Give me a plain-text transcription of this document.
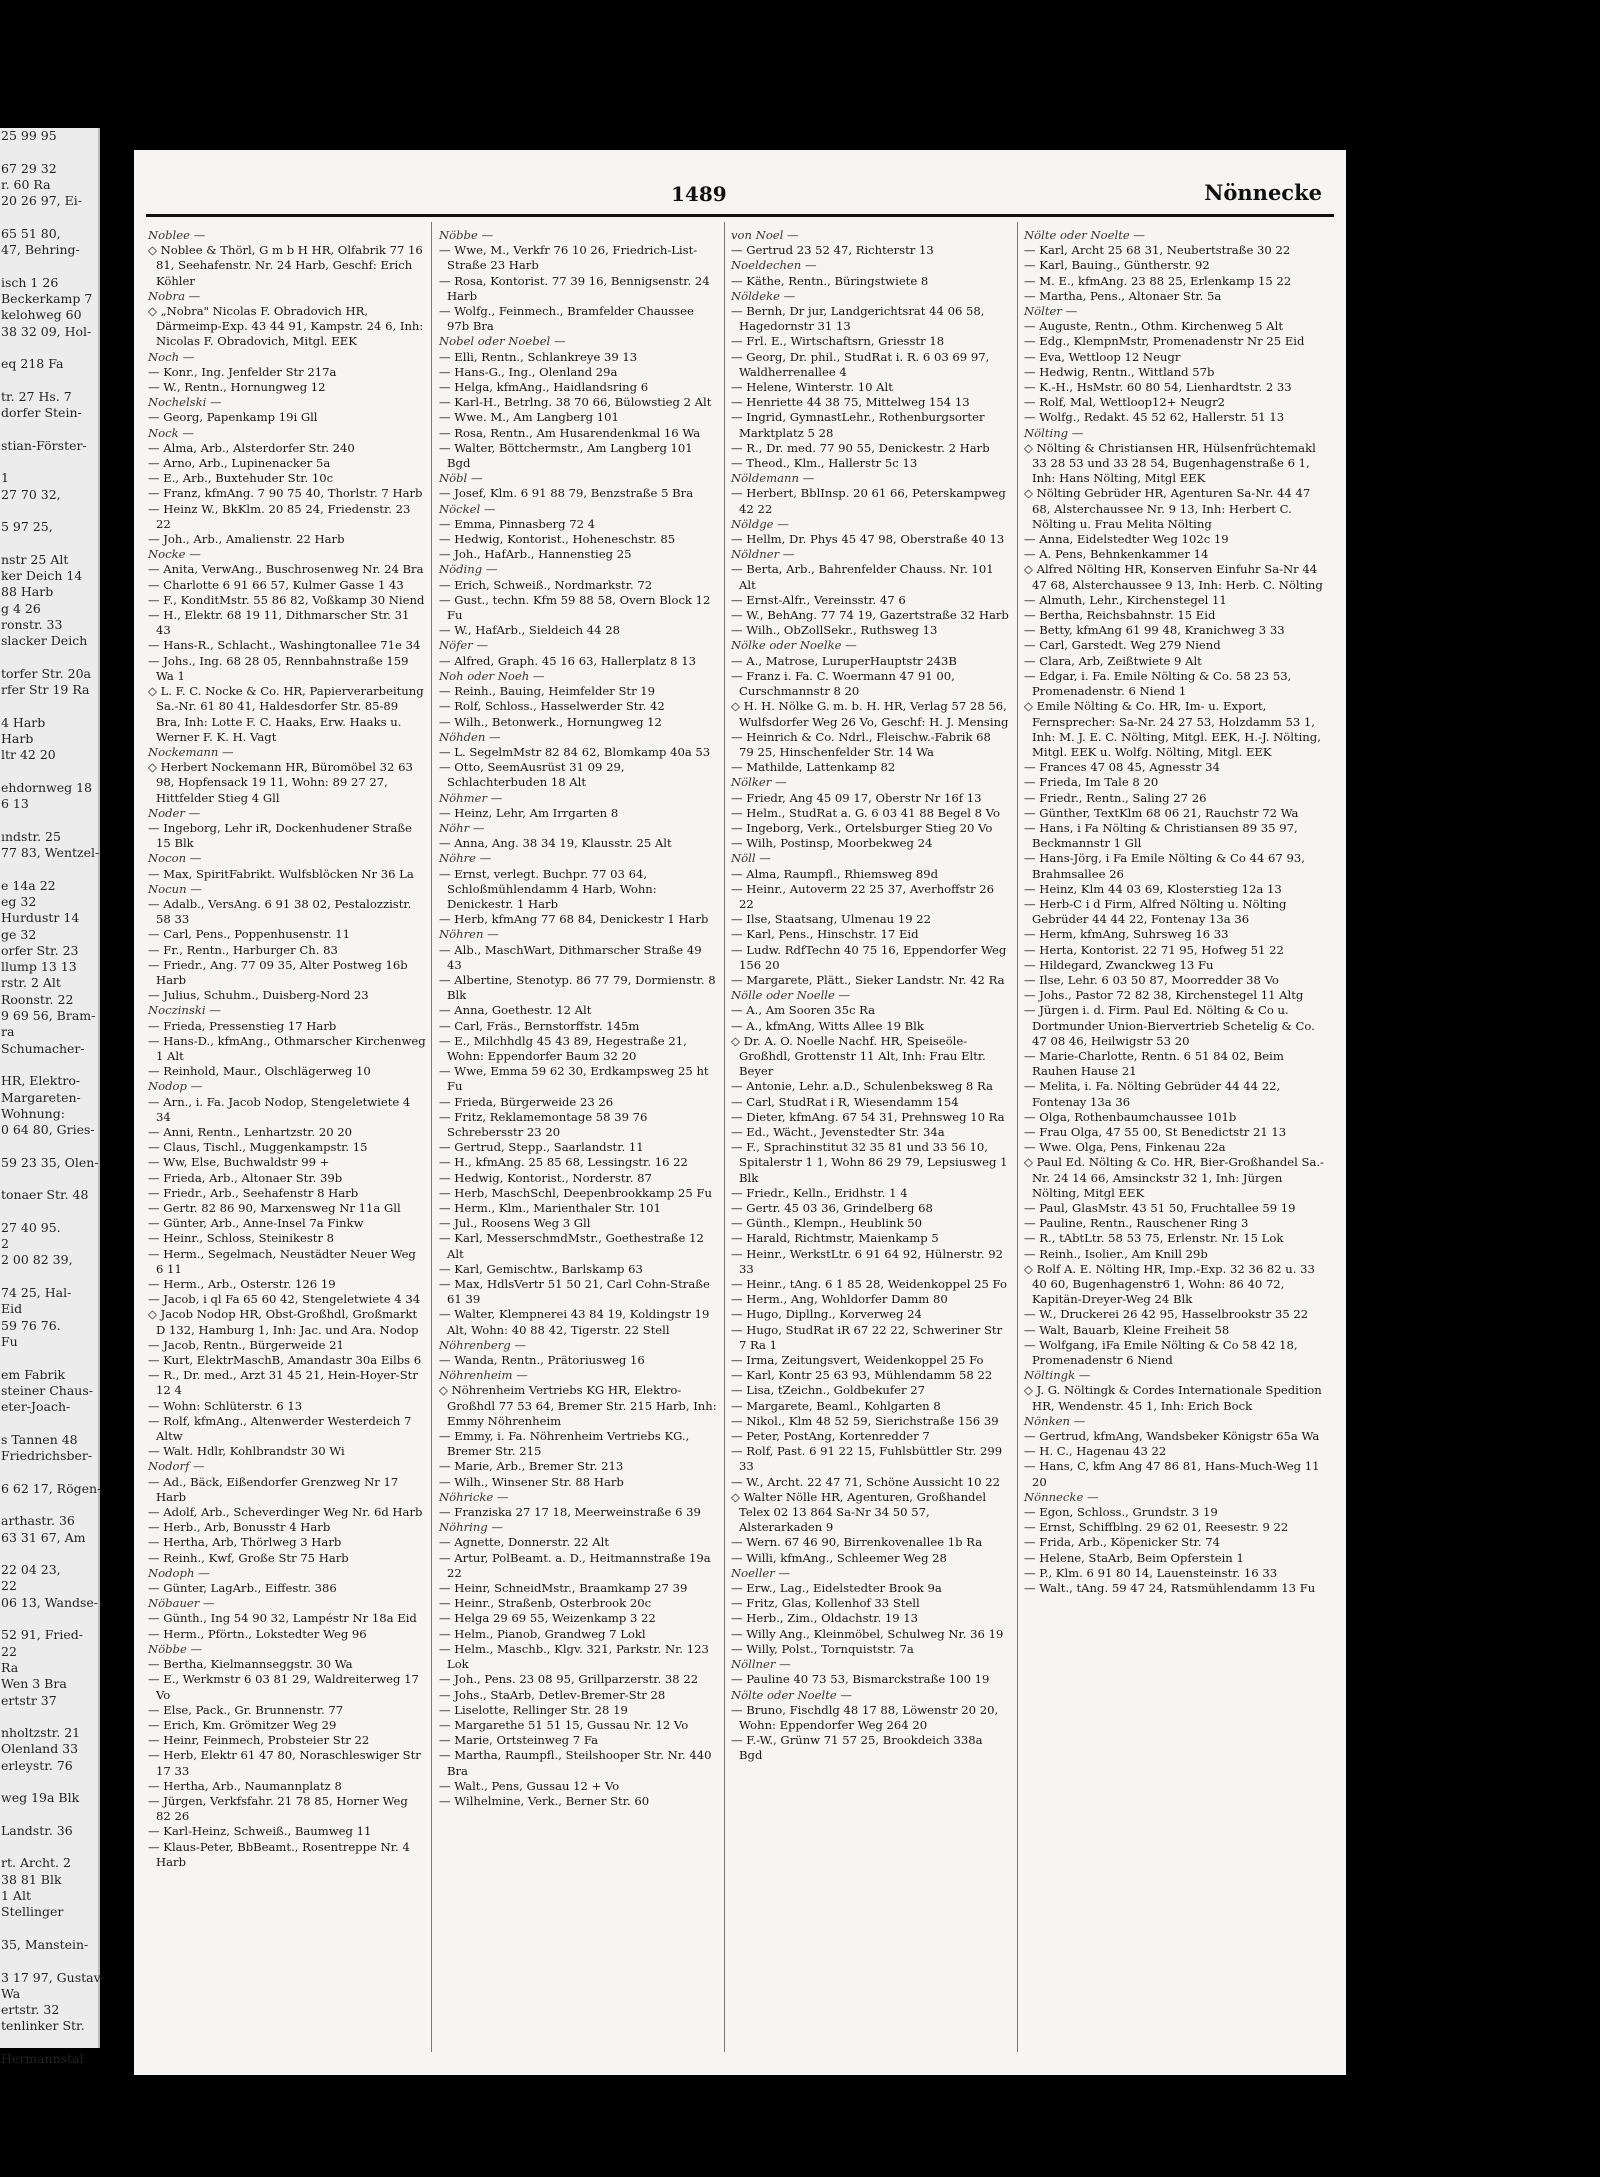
25 99 95

67 29 32
r. 60 Ra
20 26 97, Ei-

65 51 80,
47, Behring-

isch 1 26
Beckerkamp 7
kelohweg 60
38 32 09, Hol-

eq 218 Fa

tr. 27 Hs. 7
dorfer Stein-

stian-Förster-

1
27 70 32,

5 97 25,

nstr 25 Alt
ker Deich 14
88 Harb
g 4 26
ronstr. 33
slacker Deich

torfer Str. 20a
rfer Str 19 Ra

4 Harb
Harb
ltr 42 20

ehdornweg 18
6 13

ındstr. 25
77 83, Wentzel-

e 14a 22
eg 32
Hurdustr 14
ge 32
orfer Str. 23
llump 13 13
rstr. 2 Alt
Roonstr. 22
9 69 56, Bram-
ra
Schumacher-

HR, Elektro-
Margareten-
Wohnung:
0 64 80, Gries-

59 23 35, Olen-

tonaer Str. 48

27 40 95.
2
2 00 82 39,

74 25, Hal-
Eid
59 76 76.
Fu

em Fabrik
steiner Chaus-
eter-Joach-

s Tannen 48
Friedrichsber-

6 62 17, Rögen-

arthastr. 36
63 31 67, Am

22 04 23,
22
06 13, Wandse-

52 91, Fried-
22
Ra
Wen 3 Bra
ertstr 37

nholtzstr. 21
Olenland 33
erleystr. 76

weg 19a Blk

Landstr. 36

rt. Archt. 2
38 81 Blk
1 Alt
Stellinger

35, Manstein-

3 17 97, Gustav-
Wa
ertstr. 32
tenlinker Str.

Hermannstal
1489	Nönnecke
Noblee —
◇ Noblee & Thörl, G m b H HR, Olfabrik 77 16 81, Seehafenstr. Nr. 24 Harb, Geschf: Erich Köhler
Nobra —
◇ „Nobra" Nicolas F. Obradovich HR, Därmeimp-Exp. 43 44 91, Kampstr. 24 6, Inh: Nicolas F. Obradovich, Mitgl. EEK
Noch —
— Konr., Ing. Jenfelder Str 217a
— W., Rentn., Hornungweg 12
Nochelski —
— Georg, Papenkamp 19i Gll
Nock —
— Alma, Arb., Alsterdorfer Str. 240
— Arno, Arb., Lupinenacker 5a
— E., Arb., Buxtehuder Str. 10c
— Franz, kfmAng. 7 90 75 40, Thorlstr. 7 Harb
— Heinz W., BkKlm. 20 85 24, Friedenstr. 23 22
— Joh., Arb., Amalienstr. 22 Harb
Nocke —
— Anita, VerwAng., Buschrosenweg Nr. 24 Bra
— Charlotte 6 91 66 57, Kulmer Gasse 1 43
— F., KonditMstr. 55 86 82, Voßkamp 30 Niend
— H., Elektr. 68 19 11, Dithmarscher Str. 31 43
— Hans-R., Schlacht., Washingtonallee 71e 34
— Johs., Ing. 68 28 05, Rennbahnstraße 159 Wa 1
◇ L. F. C. Nocke & Co. HR, Papierverarbeitung Sa.-Nr. 61 80 41, Haldesdorfer Str. 85-89 Bra, Inh: Lotte F. C. Haaks, Erw. Haaks u. Werner F. K. H. Vagt
Nockemann —
◇ Herbert Nockemann HR, Büromöbel 32 63 98, Hopfensack 19 11, Wohn: 89 27 27, Hittfelder Stieg 4 Gll
Noder —
— Ingeborg, Lehr iR, Dockenhudener Straße 15 Blk
Nocon —
— Max, SpiritFabrikt. Wulfsblöcken Nr 36 La
Nocun —
— Adalb., VersAng. 6 91 38 02, Pestalozzistr. 58 33
— Carl, Pens., Poppenhusenstr. 11
— Fr., Rentn., Harburger Ch. 83
— Friedr., Ang. 77 09 35, Alter Postweg 16b Harb
— Julius, Schuhm., Duisberg-Nord 23
Noczinski —
— Frieda, Pressenstieg 17 Harb
— Hans-D., kfmAng., Othmarscher Kirchenweg 1 Alt
— Reinhold, Maur., Olschlägerweg 10
Nodop —
— Arn., i. Fa. Jacob Nodop, Stengeletwiete 4 34
— Anni, Rentn., Lenhartzstr. 20 20
— Claus, Tischl., Muggenkampstr. 15
— Ww, Else, Buchwaldstr 99 +
— Frieda, Arb., Altonaer Str. 39b
— Friedr., Arb., Seehafenstr 8 Harb
— Gertr. 82 86 90, Marxensweg Nr 11a Gll
— Günter, Arb., Anne-Insel 7a Finkw
— Heinr., Schloss, Steinikestr 8
— Herm., Segelmach, Neustädter Neuer Weg 6 11
— Herm., Arb., Osterstr. 126 19
— Jacob, i ql Fa 65 60 42, Stengeletwiete 4 34
◇ Jacob Nodop HR, Obst-Großhdl, Großmarkt D 132, Hamburg 1, Inh: Jac. und Ara. Nodop
— Jacob, Rentn., Bürgerweide 21
— Kurt, ElektrMaschB, Amandastr 30a Eilbs 6
— R., Dr. med., Arzt 31 45 21, Hein-Hoyer-Str 12 4
— Wohn: Schlüterstr. 6 13
— Rolf, kfmAng., Altenwerder Westerdeich 7 Altw
— Walt. Hdlr, Kohlbrandstr 30 Wi
Nodorf —
— Ad., Bäck, Eißendorfer Grenzweg Nr 17 Harb
— Adolf, Arb., Scheverdinger Weg Nr. 6d Harb
— Herb., Arb, Bonusstr 4 Harb
— Hertha, Arb, Thörlweg 3 Harb
— Reinh., Kwf, Große Str 75 Harb
Nodoph —
— Günter, LagArb., Eiffestr. 386
Nöbauer —
— Günth., Ing 54 90 32, Lampéstr Nr 18a Eid
— Herm., Pförtn., Lokstedter Weg 96
Nöbbe —
— Bertha, Kielmannseggstr. 30 Wa
— E., Werkmstr 6 03 81 29, Waldreiterweg 17 Vo
— Else, Pack., Gr. Brunnenstr. 77
— Erich, Km. Grömitzer Weg 29
— Heinr, Feinmech, Probsteier Str 22
— Herb, Elektr 61 47 80, Noraschleswiger Str 17 33
— Hertha, Arb., Naumannplatz 8
— Jürgen, Verkfsfahr. 21 78 85, Horner Weg 82 26
— Karl-Heinz, Schweiß., Baumweg 11
— Klaus-Peter, BbBeamt., Rosentreppe Nr. 4 Harb
Nöbbe —
— Wwe, M., Verkfr 76 10 26, Friedrich-List-Straße 23 Harb
— Rosa, Kontorist. 77 39 16, Bennigsenstr. 24 Harb
— Wolfg., Feinmech., Bramfelder Chaussee 97b Bra
Nobel oder Noebel —
— Elli, Rentn., Schlankreye 39 13
— Hans-G., Ing., Olenland 29a
— Helga, kfmAng., Haidlandsring 6
— Karl-H., Betrlng. 38 70 66, Bülowstieg 2 Alt
— Wwe. M., Am Langberg 101
— Rosa, Rentn., Am Husarendenkmal 16 Wa
— Walter, Böttchermstr., Am Langberg 101 Bgd
Nöbl —
— Josef, Klm. 6 91 88 79, Benzstraße 5 Bra
Nöckel —
— Emma, Pinnasberg 72 4
— Hedwig, Kontorist., Hoheneschstr. 85
— Joh., HafArb., Hannenstieg 25
Nöding —
— Erich, Schweiß., Nordmarkstr. 72
— Gust., techn. Kfm 59 88 58, Overn Block 12 Fu
— W., HafArb., Sieldeich 44 28
Nöfer —
— Alfred, Graph. 45 16 63, Hallerplatz 8 13
Noh oder Noeh —
— Reinh., Bauing, Heimfelder Str 19
— Rolf, Schloss., Hasselwerder Str. 42
— Wilh., Betonwerk., Hornungweg 12
Nöhden —
— L. SegelmMstr 82 84 62, Blomkamp 40a 53
— Otto, SeemAusrüst 31 09 29, Schlachterbuden 18 Alt
Nöhmer —
— Heinz, Lehr, Am Irrgarten 8
Nöhr —
— Anna, Ang. 38 34 19, Klausstr. 25 Alt
Nöhre —
— Ernst, verlegt. Buchpr. 77 03 64, Schloßmühlendamm 4 Harb, Wohn: Denickestr. 1 Harb
— Herb, kfmAng 77 68 84, Denickestr 1 Harb
Nöhren —
— Alb., MaschWart, Dithmarscher Straße 49 43
— Albertine, Stenotyp. 86 77 79, Dormienstr. 8 Blk
— Anna, Goethestr. 12 Alt
— Carl, Fräs., Bernstorffstr. 145m
— E., Milchhdlg 45 43 89, Hegestraße 21, Wohn: Eppendorfer Baum 32 20
— Wwe, Emma 59 62 30, Erdkampsweg 25 ht Fu
— Frieda, Bürgerweide 23 26
— Fritz, Reklamemontage 58 39 76 Schrebersstr 23 20
— Gertrud, Stepp., Saarlandstr. 11
— H., kfmAng. 25 85 68, Lessingstr. 16 22
— Hedwig, Kontorist., Norderstr. 87
— Herb, MaschSchl, Deepenbrookkamp 25 Fu
— Herm., Klm., Marienthaler Str. 101
— Jul., Roosens Weg 3 Gll
— Karl, MesserschmdMstr., Goethestraße 12 Alt
— Karl, Gemischtw., Barlskamp 63
— Max, HdlsVertr 51 50 21, Carl Cohn-Straße 61 39
— Walter, Klempnerei 43 84 19, Koldingstr 19 Alt, Wohn: 40 88 42, Tigerstr. 22 Stell
Nöhrenberg —
— Wanda, Rentn., Prätoriusweg 16
Nöhrenheim —
◇ Nöhrenheim Vertriebs KG HR, Elektro-Großhdl 77 53 64, Bremer Str. 215 Harb, Inh: Emmy Nöhrenheim
— Emmy, i. Fa. Nöhrenheim Vertriebs KG., Bremer Str. 215
— Marie, Arb., Bremer Str. 213
— Wilh., Winsener Str. 88 Harb
Nöhricke —
— Franziska 27 17 18, Meerweinstraße 6 39
Nöhring —
— Agnette, Donnerstr. 22 Alt
— Artur, PolBeamt. a. D., Heitmannstraße 19a 22
— Heinr, SchneidMstr., Braamkamp 27 39
— Heinr., Straßenb, Osterbrook 20c
— Helga 29 69 55, Weizenkamp 3 22
— Helm., Pianob, Grandweg 7 Lokl
— Helm., Maschb., Klgv. 321, Parkstr. Nr. 123 Lok
— Joh., Pens. 23 08 95, Grillparzerstr. 38 22
— Johs., StaArb, Detlev-Bremer-Str 28
— Liselotte, Rellinger Str. 28 19
— Margarethe 51 51 15, Gussau Nr. 12 Vo
— Marie, Ortsteinweg 7 Fa
— Martha, Raumpfl., Steilshooper Str. Nr. 440 Bra
— Walt., Pens, Gussau 12 + Vo
— Wilhelmine, Verk., Berner Str. 60
von Noel —
— Gertrud 23 52 47, Richterstr 13
Noeldechen —
— Käthe, Rentn., Büringstwiete 8
Nöldeke —
— Bernh, Dr jur, Landgerichtsrat 44 06 58, Hagedornstr 31 13
— Frl. E., Wirtschaftsrn, Griesstr 18
— Georg, Dr. phil., StudRat i. R. 6 03 69 97, Waldherrenallee 4
— Helene, Winterstr. 10 Alt
— Henriette 44 38 75, Mittelweg 154 13
— Ingrid, GymnastLehr., Rothenburgsorter Marktplatz 5 28
— R., Dr. med. 77 90 55, Denickestr. 2 Harb
— Theod., Klm., Hallerstr 5c 13
Nöldemann —
— Herbert, BblInsp. 20 61 66, Peterskampweg 42 22
Nöldge —
— Hellm, Dr. Phys 45 47 98, Oberstraße 40 13
Nöldner —
— Berta, Arb., Bahrenfelder Chauss. Nr. 101 Alt
— Ernst-Alfr., Vereinsstr. 47 6
— W., BehAng. 77 74 19, Gazertstraße 32 Harb
— Wilh., ObZollSekr., Ruthsweg 13
Nölke oder Noelke —
— A., Matrose, LuruperHauptstr 243B
— Franz i. Fa. C. Woermann 47 91 00, Curschmannstr 8 20
◇ H. H. Nölke G. m. b. H. HR, Verlag 57 28 56, Wulfsdorfer Weg 26 Vo, Geschf: H. J. Mensing
— Heinrich & Co. Ndrl., Fleischw.-Fabrik 68 79 25, Hinschenfelder Str. 14 Wa
— Mathilde, Lattenkamp 82
Nölker —
— Friedr, Ang 45 09 17, Oberstr Nr 16f 13
— Helm., StudRat a. G. 6 03 41 88 Begel 8 Vo
— Ingeborg, Verk., Ortelsburger Stieg 20 Vo
— Wilh, Postinsp, Moorbekweg 24
Nöll —
— Alma, Raumpfl., Rhiemsweg 89d
— Heinr., Autoverm 22 25 37, Averhoffstr 26 22
— Ilse, Staatsang, Ulmenau 19 22
— Karl, Pens., Hinschstr. 17 Eid
— Ludw. RdfTechn 40 75 16, Eppendorfer Weg 156 20
— Margarete, Plätt., Sieker Landstr. Nr. 42 Ra
Nölle oder Noelle —
— A., Am Sooren 35c Ra
— A., kfmAng, Witts Allee 19 Blk
◇ Dr. A. O. Noelle Nachf. HR, Speiseöle-Großhdl, Grottenstr 11 Alt, Inh: Frau Eltr. Beyer
— Antonie, Lehr. a.D., Schulenbeksweg 8 Ra
— Carl, StudRat i R, Wiesendamm 154
— Dieter, kfmAng. 67 54 31, Prehnsweg 10 Ra
— Ed., Wächt., Jevenstedter Str. 34a
— F., Sprachinstitut 32 35 81 und 33 56 10, Spitalerstr 1 1, Wohn 86 29 79, Lepsiusweg 1 Blk
— Friedr., Kelln., Eridhstr. 1 4
— Gertr. 45 03 36, Grindelberg 68
— Günth., Klempn., Heublink 50
— Harald, Richtmstr, Maienkamp 5
— Heinr., WerkstLtr. 6 91 64 92, Hülnerstr. 92 33
— Heinr., tAng. 6 1 85 28, Weidenkoppel 25 Fo
— Herm., Ang, Wohldorfer Damm 80
— Hugo, Dipllng., Korverweg 24
— Hugo, StudRat iR 67 22 22, Schweriner Str 7 Ra 1
— Irma, Zeitungsvert, Weidenkoppel 25 Fo
— Karl, Kontr 25 63 93, Mühlendamm 58 22
— Lisa, tZeichn., Goldbekufer 27
— Margarete, Beaml., Kohlgarten 8
— Nikol., Klm 48 52 59, Sierichstraße 156 39
— Peter, PostAng, Kortenredder 7
— Rolf, Past. 6 91 22 15, Fuhlsbüttler Str. 299 33
— W., Archt. 22 47 71, Schöne Aussicht 10 22
◇ Walter Nölle HR, Agenturen, Großhandel Telex 02 13 864 Sa-Nr 34 50 57, Alsterarkaden 9
— Wern. 67 46 90, Birrenkovenallee 1b Ra
— Willi, kfmAng., Schleemer Weg 28
Noeller —
— Erw., Lag., Eidelstedter Brook 9a
— Fritz, Glas, Kollenhof 33 Stell
— Herb., Zim., Oldachstr. 19 13
— Willy Ang., Kleinmöbel, Schulweg Nr. 36 19
— Willy, Polst., Tornquiststr. 7a
Nöllner —
— Pauline 40 73 53, Bismarckstraße 100 19
Nölte oder Noelte —
— Bruno, Fischdlg 48 17 88, Löwenstr 20 20, Wohn: Eppendorfer Weg 264 20
— F.-W., Grünw 71 57 25, Brookdeich 338a Bgd
Nölte oder Noelte —
— Karl, Archt 25 68 31, Neubertstraße 30 22
— Karl, Bauing., Güntherstr. 92
— M. E., kfmAng. 23 88 25, Erlenkamp 15 22
— Martha, Pens., Altonaer Str. 5a
Nölter —
— Auguste, Rentn., Othm. Kirchenweg 5 Alt
— Edg., KlempnMstr, Promenadenstr Nr 25 Eid
— Eva, Wettloop 12 Neugr
— Hedwig, Rentn., Wittland 57b
— K.-H., HsMstr. 60 80 54, Lienhardtstr. 2 33
— Rolf, Mal, Wettloop12+ Neugr2
— Wolfg., Redakt. 45 52 62, Hallerstr. 51 13
Nölting —
◇ Nölting & Christiansen HR, Hülsenfrüchtemakl 33 28 53 und 33 28 54, Bugenhagenstraße 6 1, Inh: Hans Nölting, Mitgl EEK
◇ Nölting Gebrüder HR, Agenturen Sa-Nr. 44 47 68, Alsterchaussee Nr. 9 13, Inh: Herbert C. Nölting u. Frau Melita Nölting
— Anna, Eidelstedter Weg 102c 19
— A. Pens, Behnkenkammer 14
◇ Alfred Nölting HR, Konserven Einfuhr Sa-Nr 44 47 68, Alsterchaussee 9 13, Inh: Herb. C. Nölting
— Almuth, Lehr., Kirchenstegel 11
— Bertha, Reichsbahnstr. 15 Eid
— Betty, kfmAng 61 99 48, Kranichweg 3 33
— Carl, Garstedt. Weg 279 Niend
— Clara, Arb, Zeißtwiete 9 Alt
— Edgar, i. Fa. Emile Nölting & Co. 58 23 53, Promenadenstr. 6 Niend 1
◇ Emile Nölting & Co. HR, Im- u. Export, Fernsprecher: Sa-Nr. 24 27 53, Holzdamm 53 1, Inh: M. J. E. C. Nölting, Mitgl. EEK, H.-J. Nölting, Mitgl. EEK u. Wolfg. Nölting, Mitgl. EEK
— Frances 47 08 45, Agnesstr 34
— Frieda, Im Tale 8 20
— Friedr., Rentn., Saling 27 26
— Günther, TextKlm 68 06 21, Rauchstr 72 Wa
— Hans, i Fa Nölting & Christiansen 89 35 97, Beckmannstr 1 Gll
— Hans-Jörg, i Fa Emile Nölting & Co 44 67 93, Brahmsallee 26
— Heinz, Klm 44 03 69, Klosterstieg 12a 13
— Herb-C i d Firm, Alfred Nölting u. Nölting Gebrüder 44 44 22, Fontenay 13a 36
— Herm, kfmAng, Suhrsweg 16 33
— Herta, Kontorist. 22 71 95, Hofweg 51 22
— Hildegard, Zwanckweg 13 Fu
— Ilse, Lehr. 6 03 50 87, Moorredder 38 Vo
— Johs., Pastor 72 82 38, Kirchenstegel 11 Altg
— Jürgen i. d. Firm. Paul Ed. Nölting & Co u. Dortmunder Union-Biervertrieb Schetelig & Co. 47 08 46, Heilwigstr 53 20
— Marie-Charlotte, Rentn. 6 51 84 02, Beim Rauhen Hause 21
— Melita, i. Fa. Nölting Gebrüder 44 44 22, Fontenay 13a 36
— Olga, Rothenbaumchaussee 101b
— Frau Olga, 47 55 00, St Benedictstr 21 13
— Wwe. Olga, Pens, Finkenau 22a
◇ Paul Ed. Nölting & Co. HR, Bier-Großhandel Sa.-Nr. 24 14 66, Amsinckstr 32 1, Inh: Jürgen Nölting, Mitgl EEK
— Paul, GlasMstr. 43 51 50, Fruchtallee 59 19
— Pauline, Rentn., Rauschener Ring 3
— R., tAbtLtr. 58 53 75, Erlenstr. Nr. 15 Lok
— Reinh., Isolier., Am Knill 29b
◇ Rolf A. E. Nölting HR, Imp.-Exp. 32 36 82 u. 33 40 60, Bugenhagenstr6 1, Wohn: 86 40 72, Kapitän-Dreyer-Weg 24 Blk
— W., Druckerei 26 42 95, Hasselbrookstr 35 22
— Walt, Bauarb, Kleine Freiheit 58
— Wolfgang, iFa Emile Nölting & Co 58 42 18, Promenadenstr 6 Niend
Nöltingk —
◇ J. G. Nöltingk & Cordes Internationale Spedition HR, Wendenstr. 45 1, Inh: Erich Bock
Nönken —
— Gertrud, kfmAng, Wandsbeker Königstr 65a Wa
— H. C., Hagenau 43 22
— Hans, C, kfm Ang 47 86 81, Hans-Much-Weg 11 20
Nönnecke —
— Egon, Schloss., Grundstr. 3 19
— Ernst, Schiffblng. 29 62 01, Reesestr. 9 22
— Frida, Arb., Köpenicker Str. 74
— Helene, StaArb, Beim Opferstein 1
— P., Klm. 6 91 80 14, Lauensteinstr. 16 33
— Walt., tAng. 59 47 24, Ratsmühlendamm 13 Fu
